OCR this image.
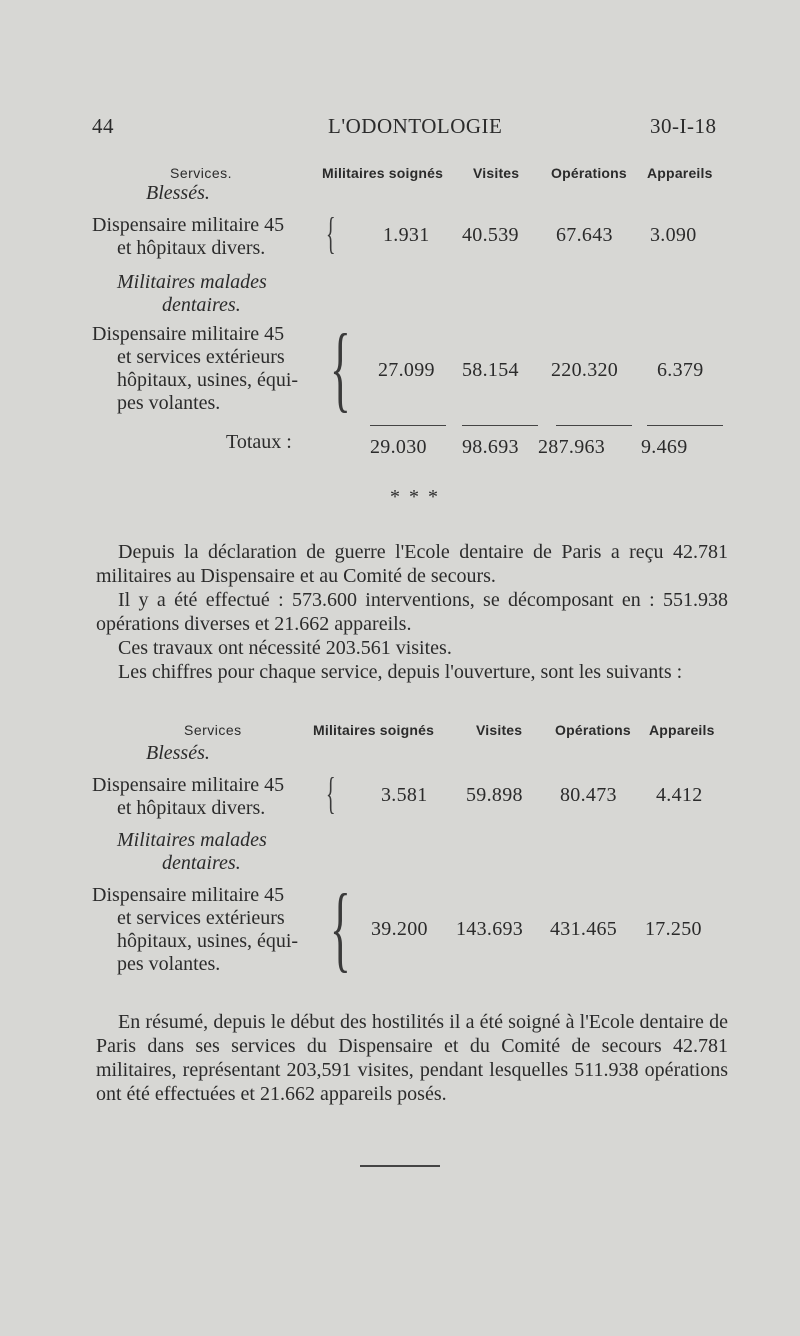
44	L'ODONTOLOGIE	30-I-18
Services.	Militaires soignés Visites Opérations Appareils
Blessés.
Dispensaire militaire 45
et hôpitaux divers. { 1.931 40.539 67.643 3.090
Militaires malades
dentaires.
Dispensaire militaire 45
et services extérieurs
hôpitaux, usines, équi-
pes volantes. { 27.099 58.154 220.320 6.379
Totaux :	29.030 98.693 287.963 9.469
* * *

Depuis la déclaration de guerre l'Ecole dentaire de Paris a reçu 42.781 militaires au Dispensaire et au Comité de secours.

Il y a été effectué : 573.600 interventions, se décomposant en : 551.938 opérations diverses et 21.662 appareils.

Ces travaux ont nécessité 203.561 visites.

Les chiffres pour chaque service, depuis l'ouverture, sont les suivants :

Services	Militaires soignés	Visites Opérations Appareils
Blessés.
Dispensaire militaire 45
et hôpitaux divers. { 3.581 59.898 80.473 4.412
Militaires malades
dentaires.
Dispensaire militaire 45
et services extérieurs
hôpitaux, usines, équi-
pes volantes. { 39.200 143.693 431.465 17.250

En résumé, depuis le début des hostilités il a été soigné à l'Ecole dentaire de Paris dans ses services du Dispensaire et du Comité de secours 42.781 militaires, représentant 203,591 visites, pendant lesquelles 511.938 opérations ont été effectuées et 21.662 appareils posés.
